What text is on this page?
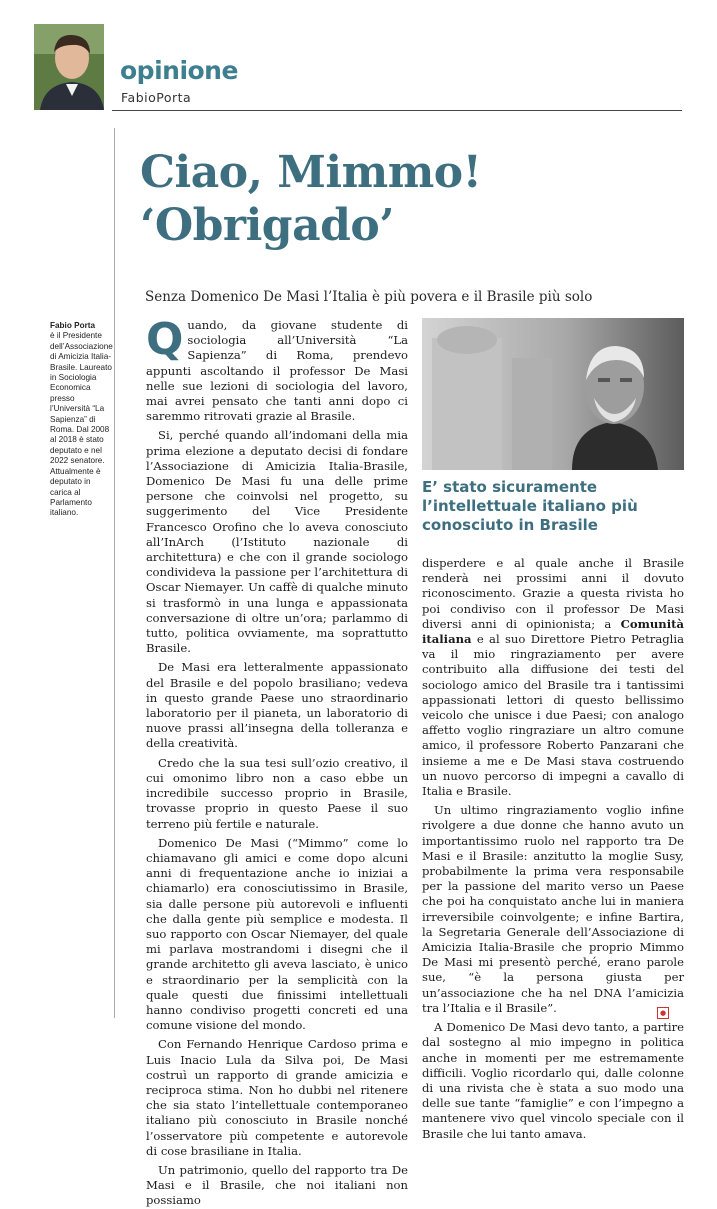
opinione
FabioPorta
Ciao, Mimmo!
‘Obrigado’
Senza Domenico De Masi l’Italia è più povera e il Brasile più solo
Fabio Porta
è il Presidente dell’Associazione di Amicizia Italia-Brasile. Laureato in Sociologia Economica presso l’Università “La Sapienza” di Roma. Dal 2008 al 2018 è stato deputato e nel 2022 senatore. Attualmente è deputato in carica al Parlamento italiano.

Quando, da giovane studente di sociologia all’Università “La Sapienza” di Roma, prendevo appunti ascoltando il professor De Masi nelle sue lezioni di sociologia del lavoro, mai avrei pensato che tanti anni dopo ci saremmo ritrovati grazie al Brasile.

Si, perché quando all’indomani della mia prima elezione a deputato decisi di fondare l’Associazione di Amicizia Italia-Brasile, Domenico De Masi fu una delle prime persone che coinvolsi nel progetto, su suggerimento del Vice Presidente Francesco Orofino che lo aveva conosciuto all’InArch (l’Istituto nazionale di architettura) e che con il grande sociologo condivideva la passione per l’architettura di Oscar Niemayer. Un caffè di qualche minuto si trasformò in una lunga e appassionata conversazione di oltre un’ora; parlammo di tutto, politica ovviamente, ma soprattutto Brasile.

De Masi era letteralmente appassionato del Brasile e del popolo brasiliano; vedeva in questo grande Paese uno straordinario laboratorio per il pianeta, un laboratorio di nuove prassi all’insegna della tolleranza e della creatività.

Credo che la sua tesi sull’ozio creativo, il cui omonimo libro non a caso ebbe un incredibile successo proprio in Brasile, trovasse proprio in questo Paese il suo terreno più fertile e naturale.

Domenico De Masi (“Mimmo” come lo chiamavano gli amici e come dopo alcuni anni di frequentazione anche io iniziai a chiamarlo) era conosciutissimo in Brasile, sia dalle persone più autorevoli e influenti che dalla gente più semplice e modesta. Il suo rapporto con Oscar Niemayer, del quale mi parlava mostrandomi i disegni che il grande architetto gli aveva lasciato, è unico e straordinario per la semplicità con la quale questi due finissimi intellettuali hanno condiviso progetti concreti ed una comune visione del mondo.

Con Fernando Henrique Cardoso prima e Luis Inacio Lula da Silva poi, De Masi costruì un rapporto di grande amicizia e reciproca stima. Non ho dubbi nel ritenere che sia stato l’intellettuale contemporaneo italiano più conosciuto in Brasile nonché l’osservatore più competente e autorevole di cose brasiliane in Italia.

Un patrimonio, quello del rapporto tra De Masi e il Brasile, che noi italiani non possiamo

E’ stato sicuramente l’intellettuale italiano più conosciuto in Brasile

disperdere e al quale anche il Brasile renderà nei prossimi anni il dovuto riconoscimento. Grazie a questa rivista ho poi condiviso con il professor De Masi diversi anni di opinionista; a Comunità italiana e al suo Direttore Pietro Petraglia va il mio ringraziamento per avere contribuito alla diffusione dei testi del sociologo amico del Brasile tra i tantissimi appassionati lettori di questo bellissimo veicolo che unisce i due Paesi; con analogo affetto voglio ringraziare un altro comune amico, il professore Roberto Panzarani che insieme a me e De Masi stava costruendo un nuovo percorso di impegni a cavallo di Italia e Brasile.

Un ultimo ringraziamento voglio infine rivolgere a due donne che hanno avuto un importantissimo ruolo nel rapporto tra De Masi e il Brasile: anzitutto la moglie Susy, probabilmente la prima vera responsabile per la passione del marito verso un Paese che poi ha conquistato anche lui in maniera irreversibile coinvolgente; e infine Bartira, la Segretaria Generale dell’Associazione di Amicizia Italia-Brasile che proprio Mimmo De Masi mi presentò perché, erano parole sue, “è la persona giusta per un’associazione che ha nel DNA l’amicizia tra l’Italia e il Brasile”.

A Domenico De Masi devo tanto, a partire dal sostegno al mio impegno in politica anche in momenti per me estremamente difficili. Voglio ricordarlo qui, dalle colonne di una rivista che è stata a suo modo una delle sue tante “famiglie” e con l’impegno a mantenere vivo quel vincolo speciale con il Brasile che lui tanto amava.

●
